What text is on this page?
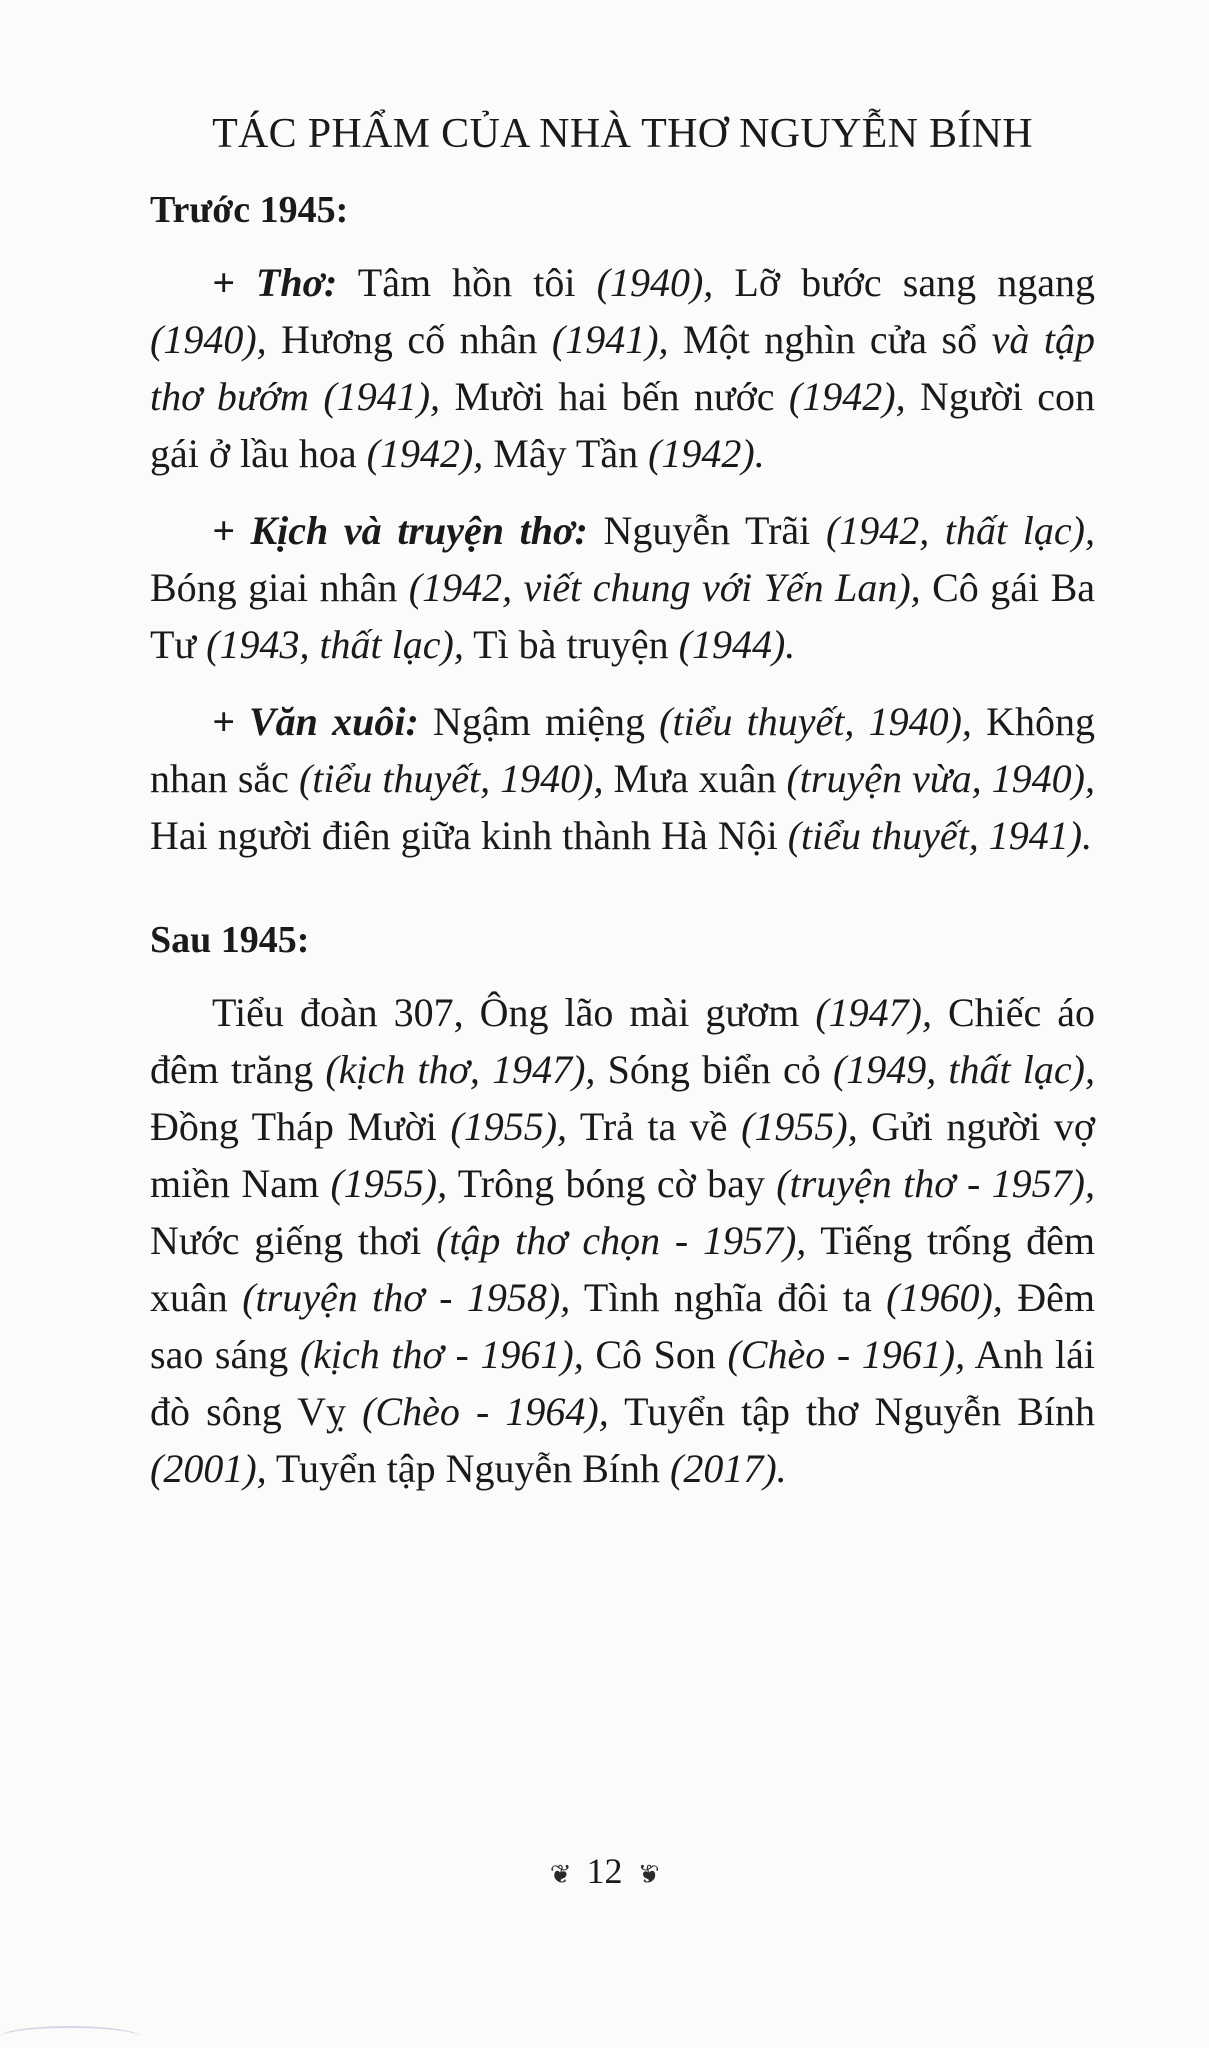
TÁC PHẨM CỦA NHÀ THƠ NGUYỄN BÍNH
Trước 1945:
+ Thơ: Tâm hồn tôi (1940), Lỡ bước sang ngang (1940), Hương cố nhân (1941), Một nghìn cửa sổ và tập thơ bướm (1941), Mười hai bến nước (1942), Người con gái ở lầu hoa (1942), Mây Tần (1942).
+ Kịch và truyện thơ: Nguyễn Trãi (1942, thất lạc), Bóng giai nhân (1942, viết chung với Yến Lan), Cô gái Ba Tư (1943, thất lạc), Tì bà truyện (1944).
+ Văn xuôi: Ngậm miệng (tiểu thuyết, 1940), Không nhan sắc (tiểu thuyết, 1940), Mưa xuân (truyện vừa, 1940), Hai người điên giữa kinh thành Hà Nội (tiểu thuyết, 1941).
Sau 1945:
Tiểu đoàn 307, Ông lão mài gươm (1947), Chiếc áo đêm trăng (kịch thơ, 1947), Sóng biển cỏ (1949, thất lạc), Đồng Tháp Mười (1955), Trả ta về (1955), Gửi người vợ miền Nam (1955), Trông bóng cờ bay (truyện thơ - 1957), Nước giếng thơi (tập thơ chọn - 1957), Tiếng trống đêm xuân (truyện thơ - 1958), Tình nghĩa đôi ta (1960), Đêm sao sáng (kịch thơ - 1961), Cô Son (Chèo - 1961), Anh lái đò sông Vỵ (Chèo - 1964), Tuyển tập thơ Nguyễn Bính (2001), Tuyển tập Nguyễn Bính (2017).
❦ 12 ❦
